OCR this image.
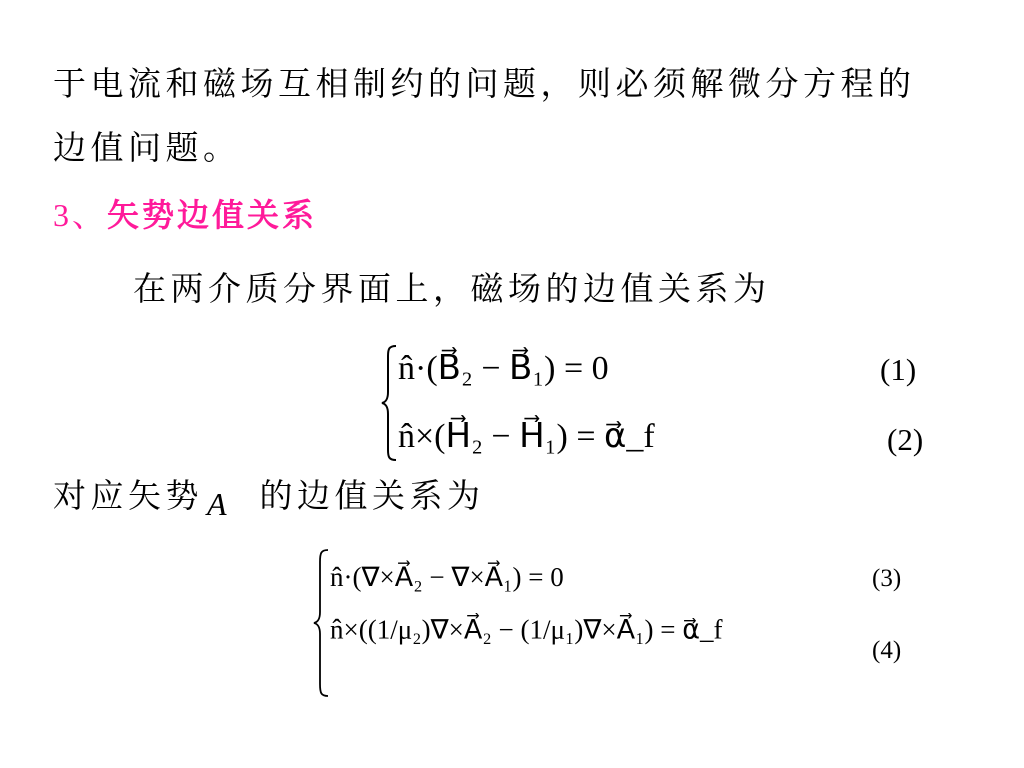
于电流和磁场互相制约的问题，则必须解微分方程的
边值问题。
3、矢势边值关系
在两介质分界面上，磁场的边值关系为
n̂·(B⃗₂ − B⃗₁) = 0	(1)
n̂×(H⃗₂ − H⃗₁) = α⃗_f	(2)
对应矢势 A⃗ 的边值关系为
n̂·(∇×A⃗₂ − ∇×A⃗₁) = 0	(3)
n̂×((1/μ₂)∇×A⃗₂ − (1/μ₁)∇×A⃗₁) = α⃗_f
(4)
